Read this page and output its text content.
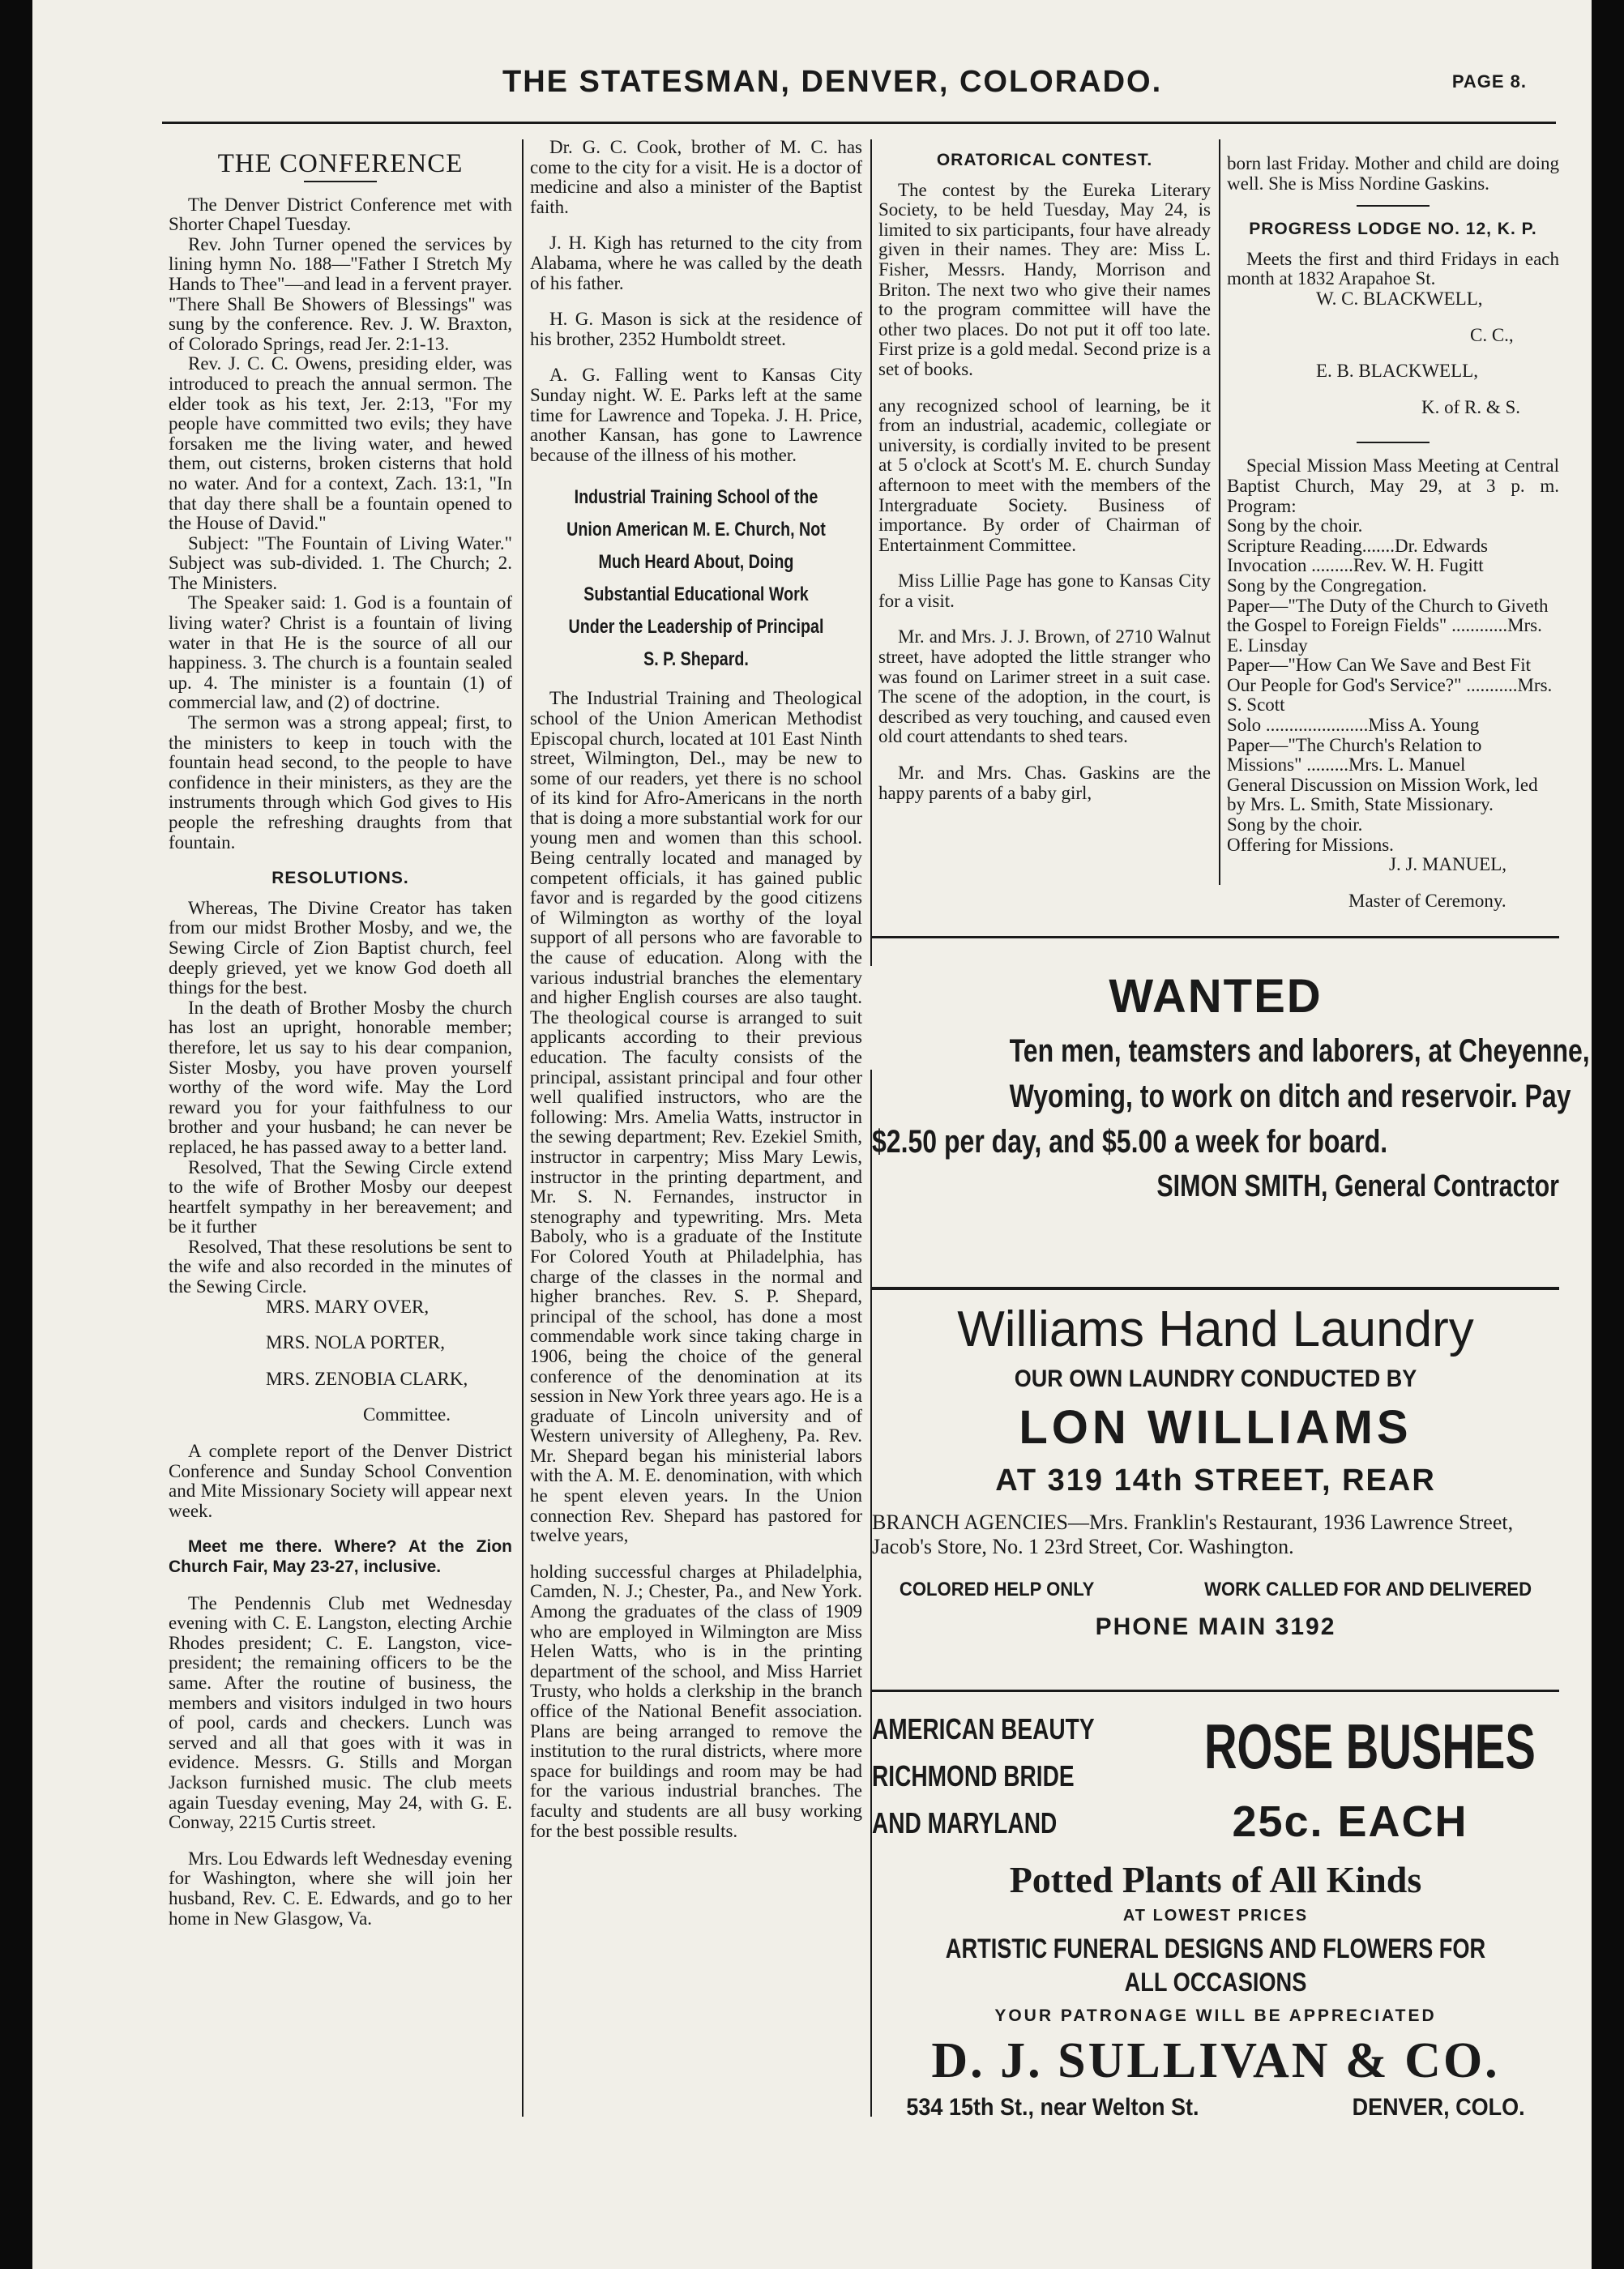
THE STATESMAN, DENVER, COLORADO.	PAGE 8.
THE CONFERENCE

The Denver District Conference met with Shorter Chapel Tuesday.

Rev. John Turner opened the services by lining hymn No. 188—"Father I Stretch My Hands to Thee"—and lead in a fervent prayer. "There Shall Be Showers of Blessings" was sung by the conference. Rev. J. W. Braxton, of Colorado Springs, read Jer. 2:1-13.

Rev. J. C. C. Owens, presiding elder, was introduced to preach the annual sermon. The elder took as his text, Jer. 2:13, "For my people have committed two evils; they have forsaken me the living water, and hewed them, out cisterns, broken cisterns that hold no water. And for a context, Zach. 13:1, "In that day there shall be a fountain opened to the House of David."

Subject: "The Fountain of Living Water." Subject was sub-divided. 1. The Church; 2. The Ministers.

The Speaker said: 1. God is a fountain of living water? Christ is a fountain of living water in that He is the source of all our happiness. 3. The church is a fountain sealed up. 4. The minister is a fountain (1) of commercial law, and (2) of doctrine.

The sermon was a strong appeal; first, to the ministers to keep in touch with the fountain head second, to the people to have confidence in their ministers, as they are the instruments through which God gives to His people the refreshing draughts from that fountain.

RESOLUTIONS.

Whereas, The Divine Creator has taken from our midst Brother Mosby, and we, the Sewing Circle of Zion Baptist church, feel deeply grieved, yet we know God doeth all things for the best.

In the death of Brother Mosby the church has lost an upright, honorable member; therefore, let us say to his dear companion, Sister Mosby, you have proven yourself worthy of the word wife. May the Lord reward you for your faithfulness to our brother and your husband; he can never be replaced, he has passed away to a better land.

Resolved, That the Sewing Circle extend to the wife of Brother Mosby our deepest heartfelt sympathy in her bereavement; and be it further

Resolved, That these resolutions be sent to the wife and also recorded in the minutes of the Sewing Circle.

MRS. MARY OVER,

MRS. NOLA PORTER,

MRS. ZENOBIA CLARK,

Committee.

A complete report of the Denver District Conference and Sunday School Convention and Mite Missionary Society will appear next week.

Meet me there. Where? At the Zion Church Fair, May 23-27, inclusive.

The Pendennis Club met Wednesday evening with C. E. Langston, electing Archie Rhodes president; C. E. Langston, vice-president; the remaining officers to be the same. After the routine of business, the members and visitors indulged in two hours of pool, cards and checkers. Lunch was served and all that goes with it was in evidence. Messrs. G. Stills and Morgan Jackson furnished music. The club meets again Tuesday evening, May 24, with G. E. Conway, 2215 Curtis street.

Mrs. Lou Edwards left Wednesday evening for Washington, where she will join her husband, Rev. C. E. Edwards, and go to her home in New Glasgow, Va.

Dr. G. C. Cook, brother of M. C. has come to the city for a visit. He is a doctor of medicine and also a minister of the Baptist faith.

J. H. Kigh has returned to the city from Alabama, where he was called by the death of his father.

H. G. Mason is sick at the residence of his brother, 2352 Humboldt street.

A. G. Falling went to Kansas City Sunday night. W. E. Parks left at the same time for Lawrence and Topeka. J. H. Price, another Kansan, has gone to Lawrence because of the illness of his mother.

Industrial Training School of the Union American M. E. Church, Not Much Heard About, Doing Substantial Educational Work Under the Leadership of Principal S. P. Shepard.

The Industrial Training and Theological school of the Union American Methodist Episcopal church, located at 101 East Ninth street, Wilmington, Del., may be new to some of our readers, yet there is no school of its kind for Afro-Americans in the north that is doing a more substantial work for our young men and women than this school. Being centrally located and managed by competent officials, it has gained public favor and is regarded by the good citizens of Wilmington as worthy of the loyal support of all persons who are favorable to the cause of education. Along with the various industrial branches the elementary and higher English courses are also taught. The theological course is arranged to suit applicants according to their previous education. The faculty consists of the principal, assistant principal and four other well qualified instructors, who are the following: Mrs. Amelia Watts, instructor in the sewing department; Rev. Ezekiel Smith, instructor in carpentry; Miss Mary Lewis, instructor in the printing department, and Mr. S. N. Fernandes, instructor in stenography and typewriting. Mrs. Meta Baboly, who is a graduate of the Institute For Colored Youth at Philadelphia, has charge of the classes in the normal and higher branches. Rev. S. P. Shepard, principal of the school, has done a most commendable work since taking charge in 1906, being the choice of the general conference of the denomination at its session in New York three years ago. He is a graduate of Lincoln university and of Western university of Allegheny, Pa. Rev. Mr. Shepard began his ministerial labors with the A. M. E. denomination, with which he spent eleven years. In the Union connection Rev. Shepard has pastored for twelve years,

holding successful charges at Philadelphia, Camden, N. J.; Chester, Pa., and New York. Among the graduates of the class of 1909 who are employed in Wilmington are Miss Helen Watts, who is in the printing department of the school, and Miss Harriet Trusty, who holds a clerkship in the branch office of the National Benefit association. Plans are being arranged to remove the institution to the rural districts, where more space for buildings and room may be had for the various industrial branches. The faculty and students are all busy working for the best possible results.

ORATORICAL CONTEST.

The contest by the Eureka Literary Society, to be held Tuesday, May 24, is limited to six participants, four have already given in their names. They are: Miss L. Fisher, Messrs. Handy, Morrison and Briton. The next two who give their names to the program committee will have the other two places. Do not put it off too late. First prize is a gold medal. Second prize is a set of books.

any recognized school of learning, be it from an industrial, academic, collegiate or university, is cordially invited to be present at 5 o'clock at Scott's M. E. church Sunday afternoon to meet with the members of the Intergraduate Society. Business of importance. By order of Chairman of Entertainment Committee.

Miss Lillie Page has gone to Kansas City for a visit.

Mr. and Mrs. J. J. Brown, of 2710 Walnut street, have adopted the little stranger who was found on Larimer street in a suit case. The scene of the adoption, in the court, is described as very touching, and caused even old court attendants to shed tears.

Mr. and Mrs. Chas. Gaskins are the happy parents of a baby girl,

born last Friday. Mother and child are doing well. She is Miss Nordine Gaskins.

PROGRESS LODGE NO. 12, K. P.

Meets the first and third Fridays in each month at 1832 Arapahoe St.

W. C. BLACKWELL,

C. C.,

E. B. BLACKWELL,

K. of R. & S.

Special Mission Mass Meeting at Central Baptist Church, May 29, at 3 p. m. Program:

Song by the choir.

Scripture Reading.......Dr. Edwards

Invocation .........Rev. W. H. Fugitt

Song by the Congregation.

Paper—"The Duty of the Church to Giveth the Gospel to Foreign Fields" ............Mrs. E. Linsday

Paper—"How Can We Save and Best Fit Our People for God's Service?" ...........Mrs. S. Scott

Solo ......................Miss A. Young

Paper—"The Church's Relation to Missions" .........Mrs. L. Manuel

General Discussion on Mission Work, led by Mrs. L. Smith, State Missionary.

Song by the choir.

Offering for Missions.

J. J. MANUEL,

Master of Ceremony.

WANTED
Ten men, teamsters and laborers, at Cheyenne,
Wyoming, to work on ditch and reservoir. Pay
$2.50 per day, and $5.00 a week for board.
SIMON SMITH, General Contractor
Williams Hand Laundry
OUR OWN LAUNDRY CONDUCTED BY
LON WILLIAMS
AT 319 14th STREET, REAR
BRANCH AGENCIES—Mrs. Franklin's Restaurant, 1936 Lawrence Street, Jacob's Store, No. 1 23rd Street, Cor. Washington.
COLORED HELP ONLY	WORK CALLED FOR AND DELIVERED
PHONE MAIN 3192
AMERICAN BEAUTY
RICHMOND BRIDE
AND MARYLAND
ROSE BUSHES
25c. EACH
Potted Plants of All Kinds
AT LOWEST PRICES
ARTISTIC FUNERAL DESIGNS AND FLOWERS FOR
ALL OCCASIONS
YOUR PATRONAGE WILL BE APPRECIATED
D. J. SULLIVAN & CO.
534 15th St., near Welton St.	DENVER, COLO.
